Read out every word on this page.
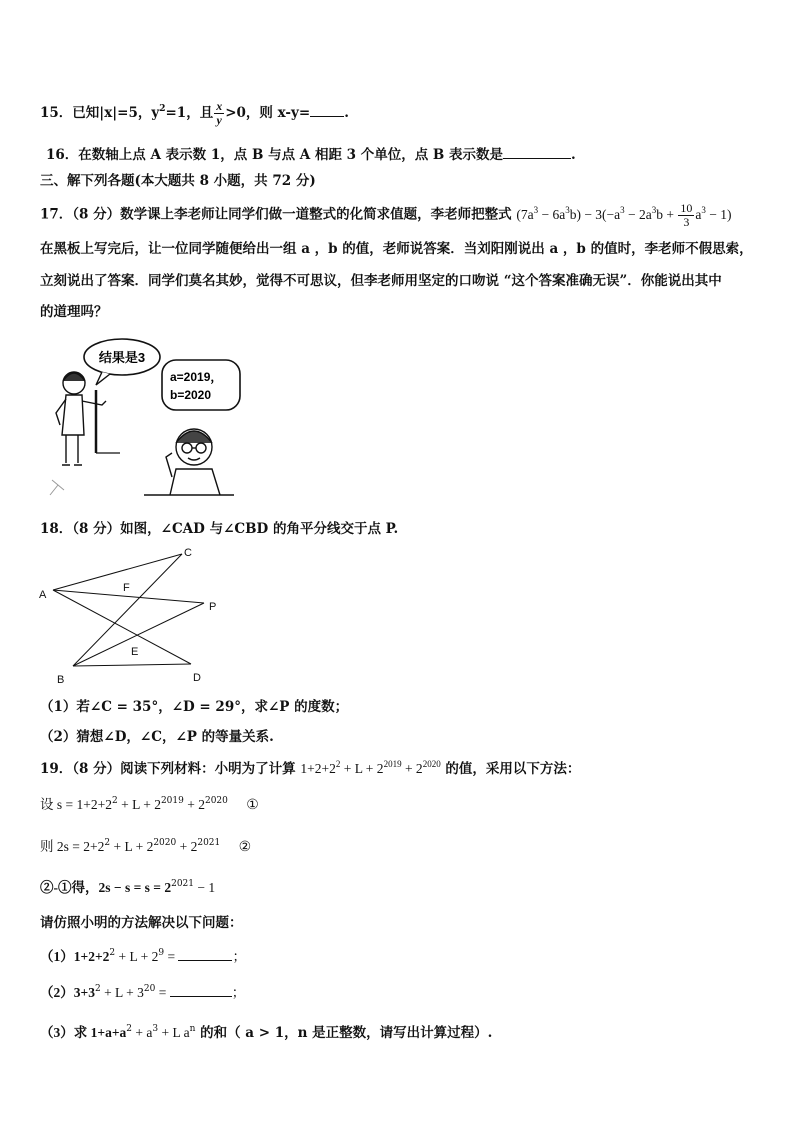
15．已知|x|=5，$y^2=1$，且 $\frac{x}{y} >0$，则 x-y=	.
16．在数轴上点 A 表示数 1，点 B 与点 A 相距 3 个单位，点 B 表示数是	.
三、解下列各题(本大题共 8 小题，共 72 分)
17．（8 分）数学课上李老师让同学们做一道整式的化简求值题，李老师把整式 $(7a^3 - 6a^3b) - 3(-a^3 - 2a^3b + \frac{10}{3} a^3 - 1)$
在黑板上写完后，让一位同学随便给出一组 a ，b 的值，老师说答案．当刘阳刚说出 a ，b 的值时，李老师不假思索，
立刻说出了答案．同学们莫名其妙，觉得不可思议，但李老师用坚定的口吻说 “这个答案准确无误”．你能说出其中
的道理吗？
结果是3
a=2019，
b=2020
18．（8 分）如图，∠CAD 与∠CBD 的角平分线交于点 P.
A
C
F
P
E
B	D
（1）若∠C = 35°，∠D = 29°，求∠P 的度数；
（2）猜想∠D，∠C，∠P 的等量关系.
19．（8 分）阅读下列材料：小明为了计算 $1+2+2^2 + L + 2^{2019} + 2^{2020}$ 的值，采用以下方法：
设 $s = 1+2+2^2 + L + 2^{2019} + 2^{2020}$ ①
则 $2s = 2+2^2 + L + 2^{2020} + 2^{2021}$ ②
②-①得，$2s - s = s = 2^{2021} - 1$
请仿照小明的方法解决以下问题：
$(1)1+2+2^2 + L + 2^9$ =	；
$(2)3+3^2 + L + 3^{20}$ =	；
（3）求 $1+a+a^2 + a^3 + L$ $a^n$ 的和（ a > 1，n 是正整数，请写出计算过程）.
